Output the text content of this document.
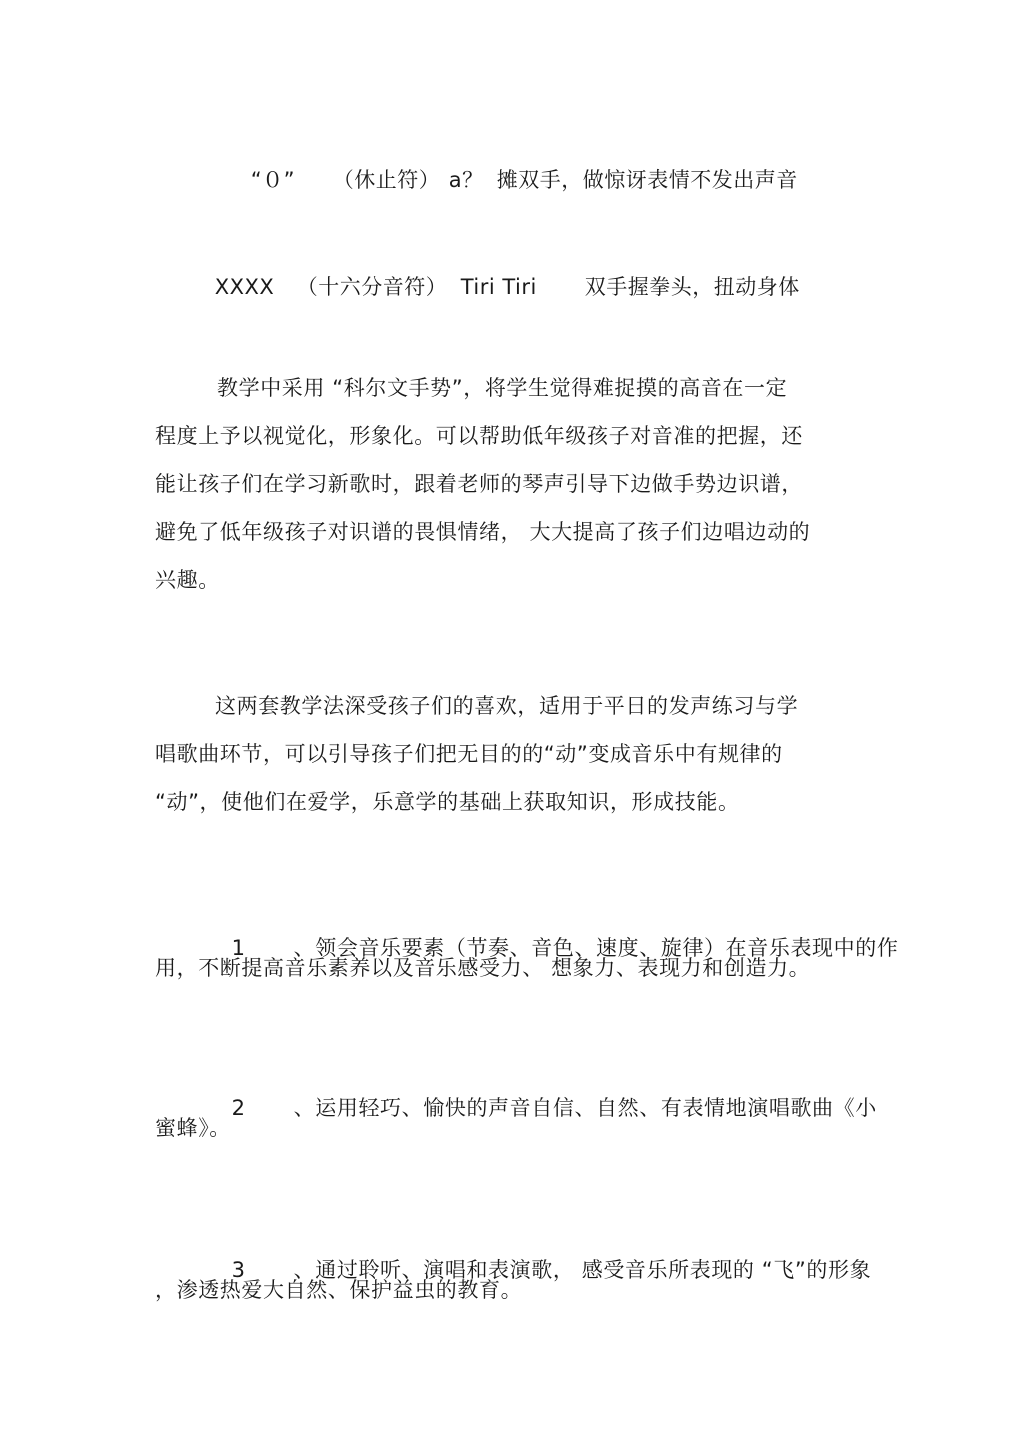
“０” （休止符） a？ 摊双手，做惊讶表情不发出声音

XXXX （十六分音符） Tiri Tiri 双手握拳头，扭动身体

教学中采用 “科尔文手势”，将学生觉得难捉摸的高音在一定
程度上予以视觉化，形象化。可以帮助低年级孩子对音准的把握，还
能让孩子们在学习新歌时，跟着老师的琴声引导下边做手势边识谱，
避免了低年级孩子对识谱的畏惧情绪， 大大提高了孩子们边唱边动的
兴趣。
这两套教学法深受孩子们的喜欢，适用于平日的发声练习与学
唱歌曲环节，可以引导孩子们把无目的的“动”变成音乐中有规律的
“动”，使他们在爱学，乐意学的基础上获取知识，形成技能。

1 、领会音乐要素（节奏、音色、速度、旋律）在音乐表现中的作

用，不断提高音乐素养以及音乐感受力、 想象力、表现力和创造力。

2 、运用轻巧、愉快的声音自信、自然、有表情地演唱歌曲《小

蜜蜂》。

3 、通过聆听、演唱和表演歌， 感受音乐所表现的 “飞”的形象

，渗透热爱大自然、保护益虫的教育。
